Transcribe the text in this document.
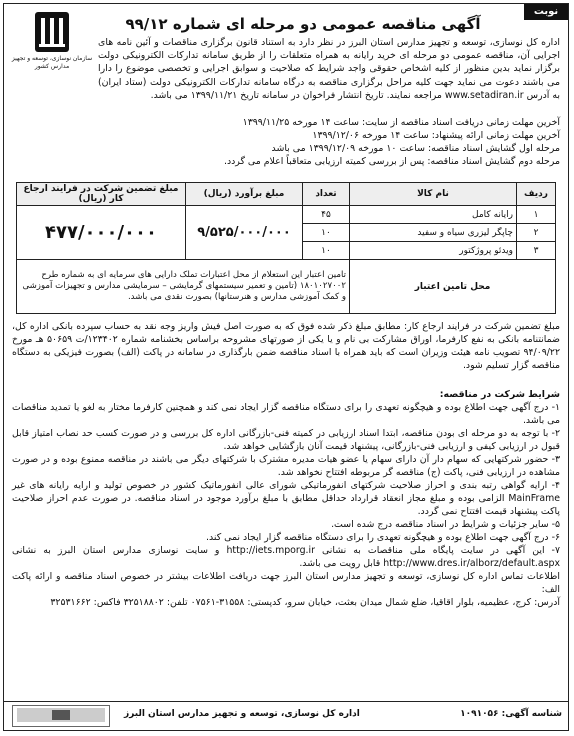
نوبت اول
سازمان نوسازی، توسعه و تجهیز مدارس کشور
آگهی مناقصه عمومی دو مرحله ای شماره ۹۹/۱۲
اداره کل نوسازی، توسعه و تجهیز مدارس استان البرز در نظر دارد به استناد قانون برگزاری مناقصات و آئین نامه های اجرایی آن، مناقصه عمومی دو مرحله ای خرید رایانه به همراه متعلقات را از طریق سامانه تدارکات الکترونیکی دولت برگزار نماید بدین منظور از کلیه اشخاص حقوقی واجد شرایط که صلاحیت و سوابق اجرایی و تخصصی موضوع را دارا می باشند دعوت می نماید جهت کلیه مراحل برگزاری مناقصه به درگاه سامانه تدارکات الکترونیکی دولت (ستاد ایران) به آدرس www.setadiran.ir مراجعه نمایند. تاریخ انتشار فراخوان در سامانه تاریخ ۱۳۹۹/۱۱/۲۱ می باشد.
آخرین مهلت زمانی دریافت اسناد مناقصه از سایت: ساعت ۱۴ مورخه ۱۳۹۹/۱۱/۲۵
آخرین مهلت زمانی ارائه پیشنهاد: ساعت ۱۴ مورخه ۱۳۹۹/۱۲/۰۶
مرحله اول گشایش اسناد مناقصه: ساعت ۱۰ مورخه ۱۳۹۹/۱۲/۰۹ می باشد
مرحله دوم گشایش اسناد مناقصه: پس از بررسی کمیته ارزیابی متعاقباً اعلام می گردد.
ردیف	نام کالا	تعداد	مبلغ برآورد (ریال)	مبلغ تضمین شرکت در فرایند ارجاع کار (ریال)
۱	رایانه کامل	۴۵	۹/۵۲۵/۰۰۰/۰۰۰	۴۷۷/۰۰۰/۰۰۰
۲	چاپگر لیزری سیاه و سفید	۱۰		
۳	ویدئو پروژکتور	۱۰		
محل تامین اعتبار		تامین اعتبار این استعلام از محل اعتبارات تملک دارایی های سرمایه ای به شماره طرح ۱۸۰۱۰۲۷۰۰۲ (تامین و تعمیر سیستمهای گرمایشی – سرمایشی مدارس و تجهیزات آموزشی و کمک آموزشی مدارس و هنرستانها) بصورت نقدی می باشد.		
مبلغ تضمین شرکت در فرایند ارجاع کار: مطابق مبلغ ذکر شده فوق که به صورت اصل فیش واریز وجه نقد به حساب سپرده بانکی اداره کل، ضمانتنامه بانکی به نفع کارفرما، اوراق مشارکت بی نام و یا یکی از صورتهای مشروحه براساس بخشنامه شماره ۱۲۳۴۰۲/ت ۵۰۶۵۹ هـ مورخ ۹۴/۰۹/۲۲ تصویب نامه هیئت وزیران است که باید همراه با اسناد مناقصه ضمن بارگذاری در سامانه در پاکت (الف) بصورت فیزیکی به دستگاه مناقصه گزار تسلیم شود.
شرایط شرکت در مناقصه:
۱- درج آگهی جهت اطلاع بوده و هیچگونه تعهدی را برای دستگاه مناقصه گزار ایجاد نمی کند و همچنین کارفرما مختار به لغو یا تمدید مناقصات می باشد.
۲- با توجه به دو مرحله ای بودن مناقصه، ابتدا اسناد ارزیابی در کمیته فنی-بازرگانی اداره کل بررسی و در صورت کسب حد نصاب امتیاز قابل قبول در ارزیابی کیفی و ارزیابی فنی-بازرگانی، پیشنهاد قیمت آنان بازگشایی خواهد شد.
۳- حضور شرکتهایی که سهام دار آن دارای سهام یا عضو هیات مدیره مشترک با شرکتهای دیگر می باشند در مناقصه ممنوع بوده و در صورت مشاهده در ارزیابی فنی، پاکت (ج) مناقصه گر مربوطه افتتاح نخواهد شد.
۴- ارایه گواهی رتبه بندی و احراز صلاحیت شرکتهای انفورماتیکی شورای عالی انفورماتیک کشور در خصوص تولید و ارایه رایانه های غیر MainFrame الزامی بوده و مبلغ مجاز انعقاد قرارداد حداقل مطابق با مبلغ برآورد موجود در اسناد مناقصه. در صورت عدم احراز صلاحیت پاکت پیشنهاد قیمت افتتاح نمی گردد.
۵- سایر جزئیات و شرایط در اسناد مناقصه درج شده است.
۶- درج آگهی جهت اطلاع بوده و هیچگونه تعهدی را برای دستگاه مناقصه گزار ایجاد نمی کند.
۷- این آگهی در سایت پایگاه ملی مناقصات به نشانی http://iets.mporg.ir و سایت نوسازی مدارس استان البرز به نشانی http://www.dres.ir/alborz/default.aspx قابل رویت می باشد.
اطلاعات تماس اداره کل نوسازی، توسعه و تجهیز مدارس استان البرز جهت دریافت اطلاعات بیشتر در خصوص اسناد مناقصه و ارائه پاکت الف:
آدرس: کرج، عظیمیه، بلوار اقاقیا، ضلع شمال میدان بعثت، خیابان سرو، کدپستی: ۳۱۵۵۸-۰۷۵۶۱ تلفن: ۳۲۵۱۸۸۰۲ فاکس: ۳۲۵۳۱۶۶۲
شناسه آگهی: ۱۰۹۱۰۵۶
اداره کل نوسازی، توسعه و تجهیز مدارس استان البرز
